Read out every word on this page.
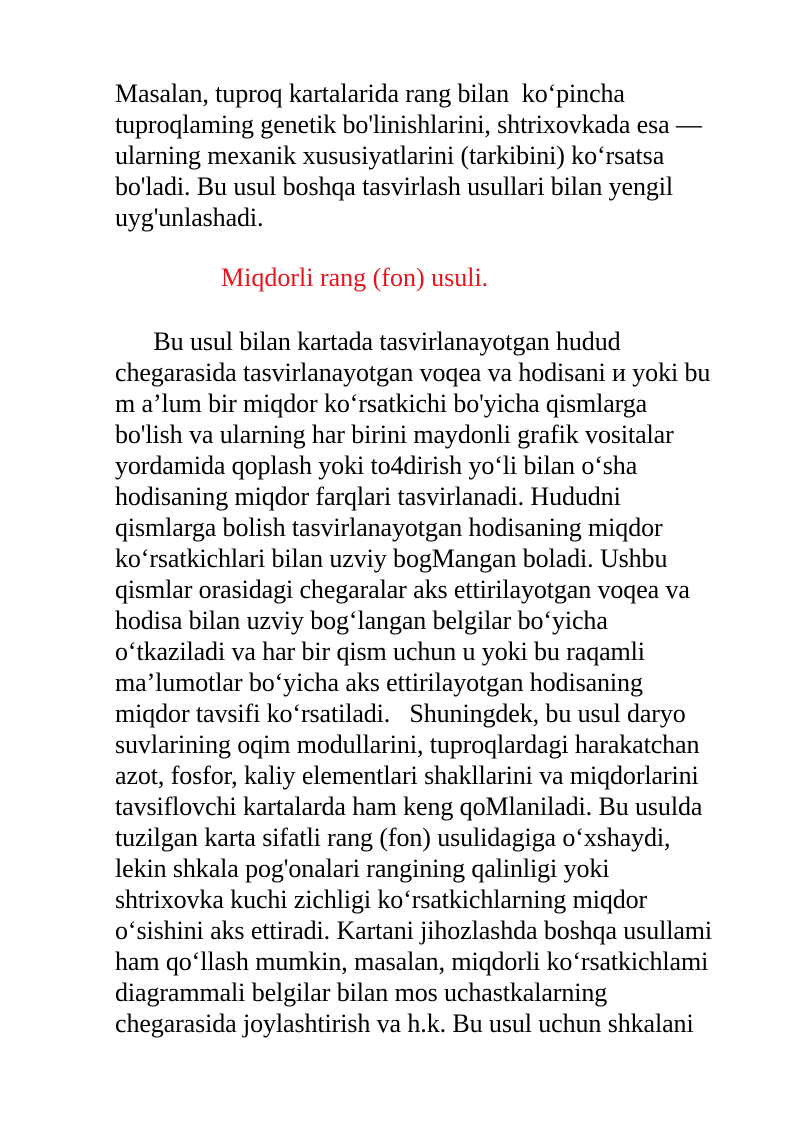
Masalan, tuproq kartalarida rang bilan  ko‘pincha
tuproqlaming genetik bo'linishlarini, shtrixovkada esa —
ularning mexanik xususiyatlarini (tarkibini) ko‘rsatsa
bo'ladi. Bu usul boshqa tasvirlash usullari bilan yengil
uyg'unlashadi.
Miqdorli rang (fon) usuli.
Bu usul bilan kartada tasvirlanayotgan hudud
chegarasida tasvirlanayotgan voqea va hodisani и yoki bu
m a’lum bir miqdor ko‘rsatkichi bo'yicha qismlarga
bo'lish va ularning har birini maydonli grafik vositalar
yordamida qoplash yoki to4dirish yo‘li bilan o‘sha
hodisaning miqdor farqlari tasvirlanadi. Hududni
qismlarga bolish tasvirlanayotgan hodisaning miqdor
ko‘rsatkichlari bilan uzviy bogMangan boladi. Ushbu
qismlar orasidagi chegaralar aks ettirilayotgan voqea va
hodisa bilan uzviy bog‘langan belgilar bo‘yicha
o‘tkaziladi va har bir qism uchun u yoki bu raqamli
ma’lumotlar bo‘yicha aks ettirilayotgan hodisaning
miqdor tavsifi ko‘rsatiladi.   Shuningdek, bu usul daryo
suvlarining oqim modullarini, tuproqlardagi harakatchan
azot, fosfor, kaliy elementlari shakllarini va miqdorlarini
tavsiflovchi kartalarda ham keng qoMlaniladi. Bu usulda
tuzilgan karta sifatli rang (fon) usulidagiga o‘xshaydi,
lekin shkala pog'onalari rangining qalinligi yoki
shtrixovka kuchi zichligi ko‘rsatkichlarning miqdor
o‘sishini aks ettiradi. Kartani jihozlashda boshqa usullami
ham qo‘llash mumkin, masalan, miqdorli ko‘rsatkichlami
diagrammali belgilar bilan mos uchastkalarning
chegarasida joylashtirish va h.k. Bu usul uchun shkalani
